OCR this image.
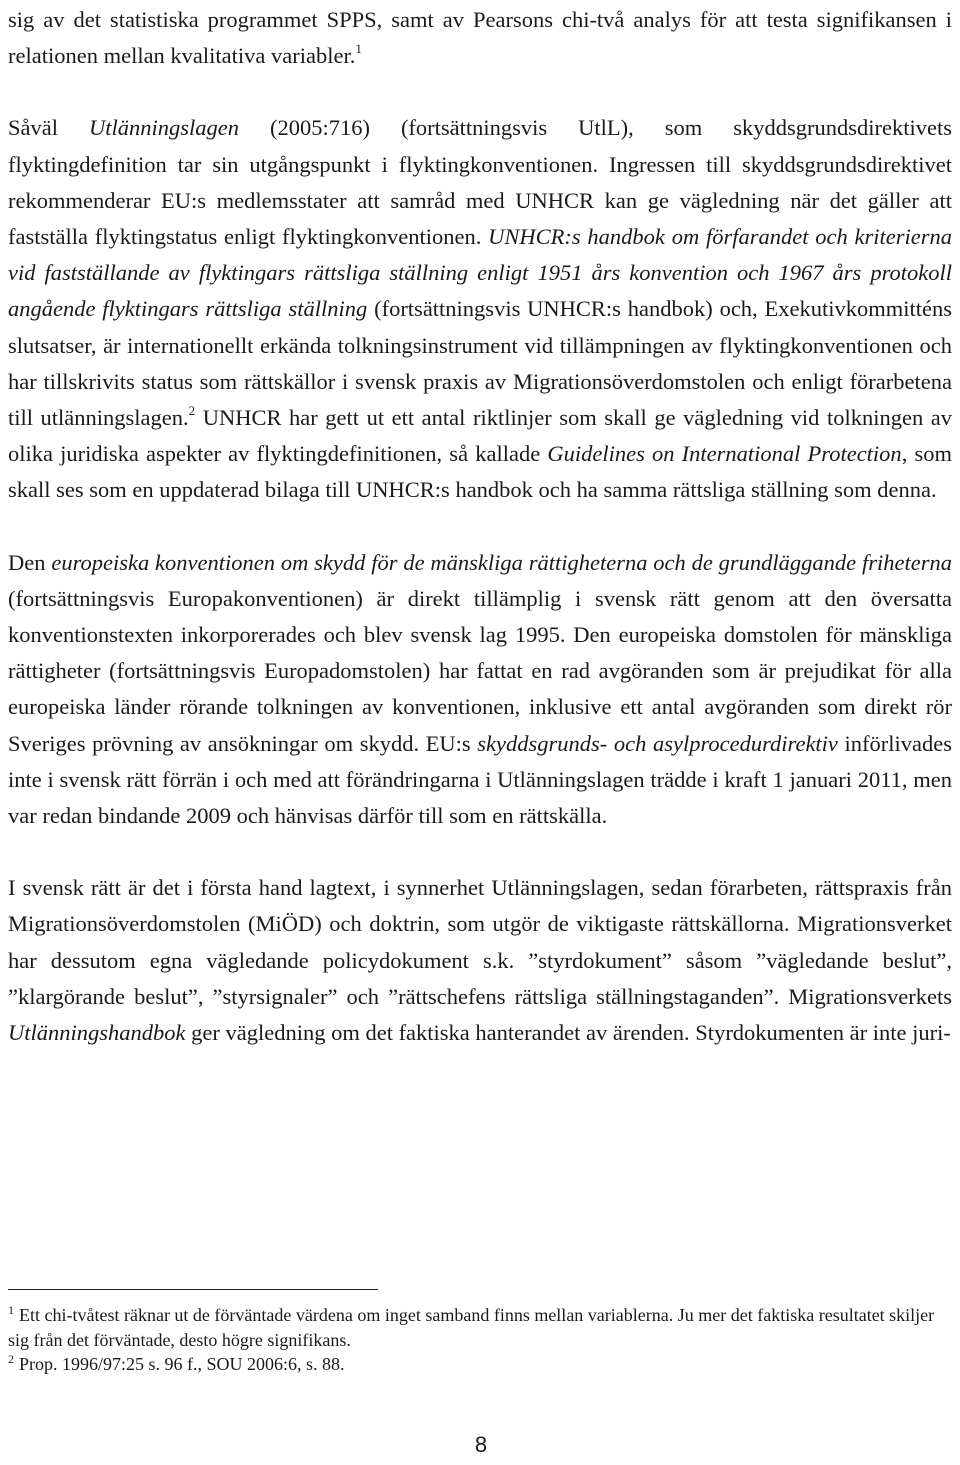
sig av det statistiska programmet SPPS, samt av Pearsons chi-två analys för att testa signifikansen i relationen mellan kvalitativa variabler.$^1$

Såväl Utlänningslagen (2005:716) (fortsättningsvis UtlL), som skyddsgrundsdirektivets flyktingdefinition tar sin utgångspunkt i flyktingkonventionen. Ingressen till skyddsgrundsdirektivet rekommenderar EU:s medlemsstater att samråd med UNHCR kan ge vägledning när det gäller att fastställa flyktingstatus enligt flyktingkonventionen. UNHCR:s handbok om förfarandet och kriterierna vid fastställande av flyktingars rättsliga ställning enligt 1951 års konvention och 1967 års protokoll angående flyktingars rättsliga ställning (fortsättningsvis UNHCR:s handbok) och, Exekutivkommitténs slutsatser, är internationellt erkända tolkningsinstrument vid tillämpningen av flyktingkonventionen och har tillskrivits status som rättskällor i svensk praxis av Migrationsöverdomstolen och enligt förarbetena till utlänningslagen.$^2$ UNHCR har gett ut ett antal riktlinjer som skall ge vägledning vid tolkningen av olika juridiska aspekter av flyktingdefinitionen, så kallade Guidelines on International Protection, som skall ses som en uppdaterad bilaga till UNHCR:s handbok och ha samma rättsliga ställning som denna.

Den europeiska konventionen om skydd för de mänskliga rättigheterna och de grundläggande friheterna (fortsättningsvis Europakonventionen) är direkt tillämplig i svensk rätt genom att den översatta konventionstexten inkorporerades och blev svensk lag 1995. Den europeiska domstolen för mänskliga rättigheter (fortsättningsvis Europadomstolen) har fattat en rad avgöranden som är prejudikat för alla europeiska länder rörande tolkningen av konventionen, inklusive ett antal avgöranden som direkt rör Sveriges prövning av ansökningar om skydd. EU:s skyddsgrunds- och asylprocedurdirektiv införlivades inte i svensk rätt förrän i och med att förändringarna i Utlänningslagen trädde i kraft 1 januari 2011, men var redan bindande 2009 och hänvisas därför till som en rättskälla.

I svensk rätt är det i första hand lagtext, i synnerhet Utlänningslagen, sedan förarbeten, rättspraxis från Migrationsöverdomstolen (MiÖD) och doktrin, som utgör de viktigaste rättskällorna. Migrationsverket har dessutom egna vägledande policydokument s.k. ”styrdokument” såsom ”vägledande beslut”, ”klargörande beslut”, ”styrsignaler” och ”rättschefens rättsliga ställningstaganden”. Migrationsverkets Utlänningshandbok ger vägledning om det faktiska hanterandet av ärenden. Styrdokumenten är inte juri-

$^1$ Ett chi-tvåtest räknar ut de förväntade värdena om inget samband finns mellan variablerna. Ju mer det faktiska resultatet skiljer sig från det förväntade, desto högre signifikans.

$^2$ Prop. 1996/97:25 s. 96 f., SOU 2006:6, s. 88.

8
